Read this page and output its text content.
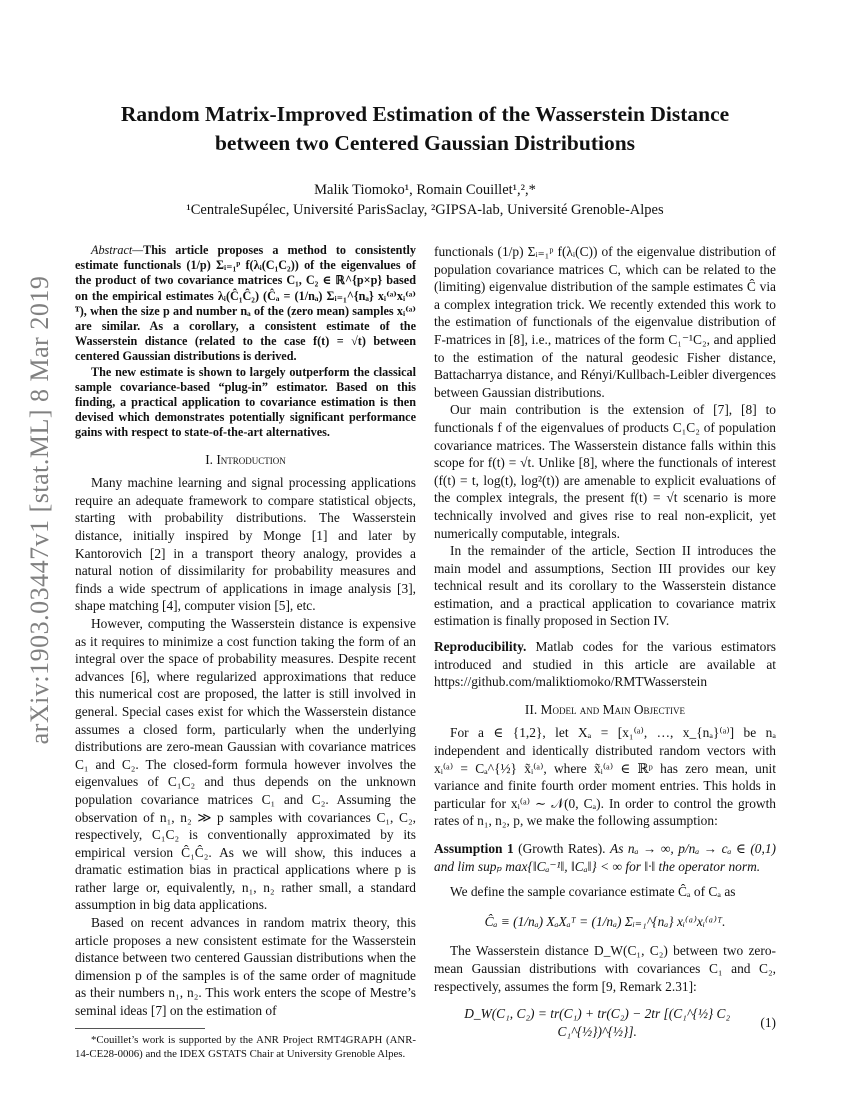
arXiv:1903.03447v1 [stat.ML] 8 Mar 2019
Random Matrix-Improved Estimation of the Wasserstein Distance
between two Centered Gaussian Distributions
Malik Tiomoko¹, Romain Couillet¹,²,*
¹CentraleSupélec, Université ParisSaclay, ²GIPSA-lab, Université Grenoble-Alpes

Abstract—This article proposes a method to consistently estimate functionals (1/p) Σᵢ₌₁ᵖ f(λᵢ(C₁C₂)) of the eigenvalues of the product of two covariance matrices C₁, C₂ ∈ ℝ^{p×p} based on the empirical estimates λᵢ(Ĉ₁Ĉ₂) (Ĉₐ = (1/nₐ) Σᵢ₌₁^{nₐ} xᵢ⁽ᵃ⁾xᵢ⁽ᵃ⁾ᵀ), when the size p and number nₐ of the (zero mean) samples xᵢ⁽ᵃ⁾ are similar. As a corollary, a consistent estimate of the Wasserstein distance (related to the case f(t) = √t) between centered Gaussian distributions is derived.

The new estimate is shown to largely outperform the classical sample covariance-based “plug-in” estimator. Based on this finding, a practical application to covariance estimation is then devised which demonstrates potentially significant performance gains with respect to state-of-the-art alternatives.

I. Introduction

Many machine learning and signal processing applications require an adequate framework to compare statistical objects, starting with probability distributions. The Wasserstein distance, initially inspired by Monge [1] and later by Kantorovich [2] in a transport theory analogy, provides a natural notion of dissimilarity for probability measures and finds a wide spectrum of applications in image analysis [3], shape matching [4], computer vision [5], etc.

However, computing the Wasserstein distance is expensive as it requires to minimize a cost function taking the form of an integral over the space of probability measures. Despite recent advances [6], where regularized approximations that reduce this numerical cost are proposed, the latter is still involved in general. Special cases exist for which the Wasserstein distance assumes a closed form, particularly when the underlying distributions are zero-mean Gaussian with covariance matrices C₁ and C₂. The closed-form formula however involves the eigenvalues of C₁C₂ and thus depends on the unknown population covariance matrices C₁ and C₂. Assuming the observation of n₁, n₂ ≫ p samples with covariances C₁, C₂, respectively, C₁C₂ is conventionally approximated by its empirical version Ĉ₁Ĉ₂. As we will show, this induces a dramatic estimation bias in practical applications where p is rather large or, equivalently, n₁, n₂ rather small, a standard assumption in big data applications.

Based on recent advances in random matrix theory, this article proposes a new consistent estimate for the Wasserstein distance between two centered Gaussian distributions when the dimension p of the samples is of the same order of magnitude as their numbers n₁, n₂. This work enters the scope of Mestre’s seminal ideas [7] on the estimation of

*Couillet’s work is supported by the ANR Project RMT4GRAPH (ANR-14-CE28-0006) and the IDEX GSTATS Chair at University Grenoble Alpes.

functionals (1/p) Σᵢ₌₁ᵖ f(λᵢ(C)) of the eigenvalue distribution of population covariance matrices C, which can be related to the (limiting) eigenvalue distribution of the sample estimates Ĉ via a complex integration trick. We recently extended this work to the estimation of functionals of the eigenvalue distribution of F-matrices in [8], i.e., matrices of the form C₁⁻¹C₂, and applied to the estimation of the natural geodesic Fisher distance, Battacharrya distance, and Rényi/Kullbach-Leibler divergences between Gaussian distributions.

Our main contribution is the extension of [7], [8] to functionals f of the eigenvalues of products C₁C₂ of population covariance matrices. The Wasserstein distance falls within this scope for f(t) = √t. Unlike [8], where the functionals of interest (f(t) = t, log(t), log²(t)) are amenable to explicit evaluations of the complex integrals, the present f(t) = √t scenario is more technically involved and gives rise to real non-explicit, yet numerically computable, integrals.

In the remainder of the article, Section II introduces the main model and assumptions, Section III provides our key technical result and its corollary to the Wasserstein distance estimation, and a practical application to covariance matrix estimation is finally proposed in Section IV.

Reproducibility. Matlab codes for the various estimators introduced and studied in this article are available at https://github.com/maliktiomoko/RMTWasserstein

II. Model and Main Objective

For a ∈ {1,2}, let Xₐ = [x₁⁽ᵃ⁾, …, x_{nₐ}⁽ᵃ⁾] be nₐ independent and identically distributed random vectors with xᵢ⁽ᵃ⁾ = Cₐ^{½} x̃ᵢ⁽ᵃ⁾, where x̃ᵢ⁽ᵃ⁾ ∈ ℝᵖ has zero mean, unit variance and finite fourth order moment entries. This holds in particular for xᵢ⁽ᵃ⁾ ∼ 𝒩(0, Cₐ). In order to control the growth rates of n₁, n₂, p, we make the following assumption:

Assumption 1 (Growth Rates). As nₐ → ∞, p/nₐ → cₐ ∈ (0,1) and lim supₚ max{‖Cₐ⁻¹‖, ‖Cₐ‖} < ∞ for ‖·‖ the operator norm.

We define the sample covariance estimate Ĉₐ of Cₐ as

Ĉₐ ≡ (1/nₐ) XₐXₐᵀ = (1/nₐ) Σᵢ₌₁^{nₐ} xᵢ⁽ᵃ⁾xᵢ⁽ᵃ⁾ᵀ.

The Wasserstein distance D_W(C₁, C₂) between two zero-mean Gaussian distributions with covariances C₁ and C₂, respectively, assumes the form [9, Remark 2.31]:

D_W(C₁, C₂) = tr(C₁) + tr(C₂) − 2tr [(C₁^{½} C₂ C₁^{½})^{½}].
(1)
